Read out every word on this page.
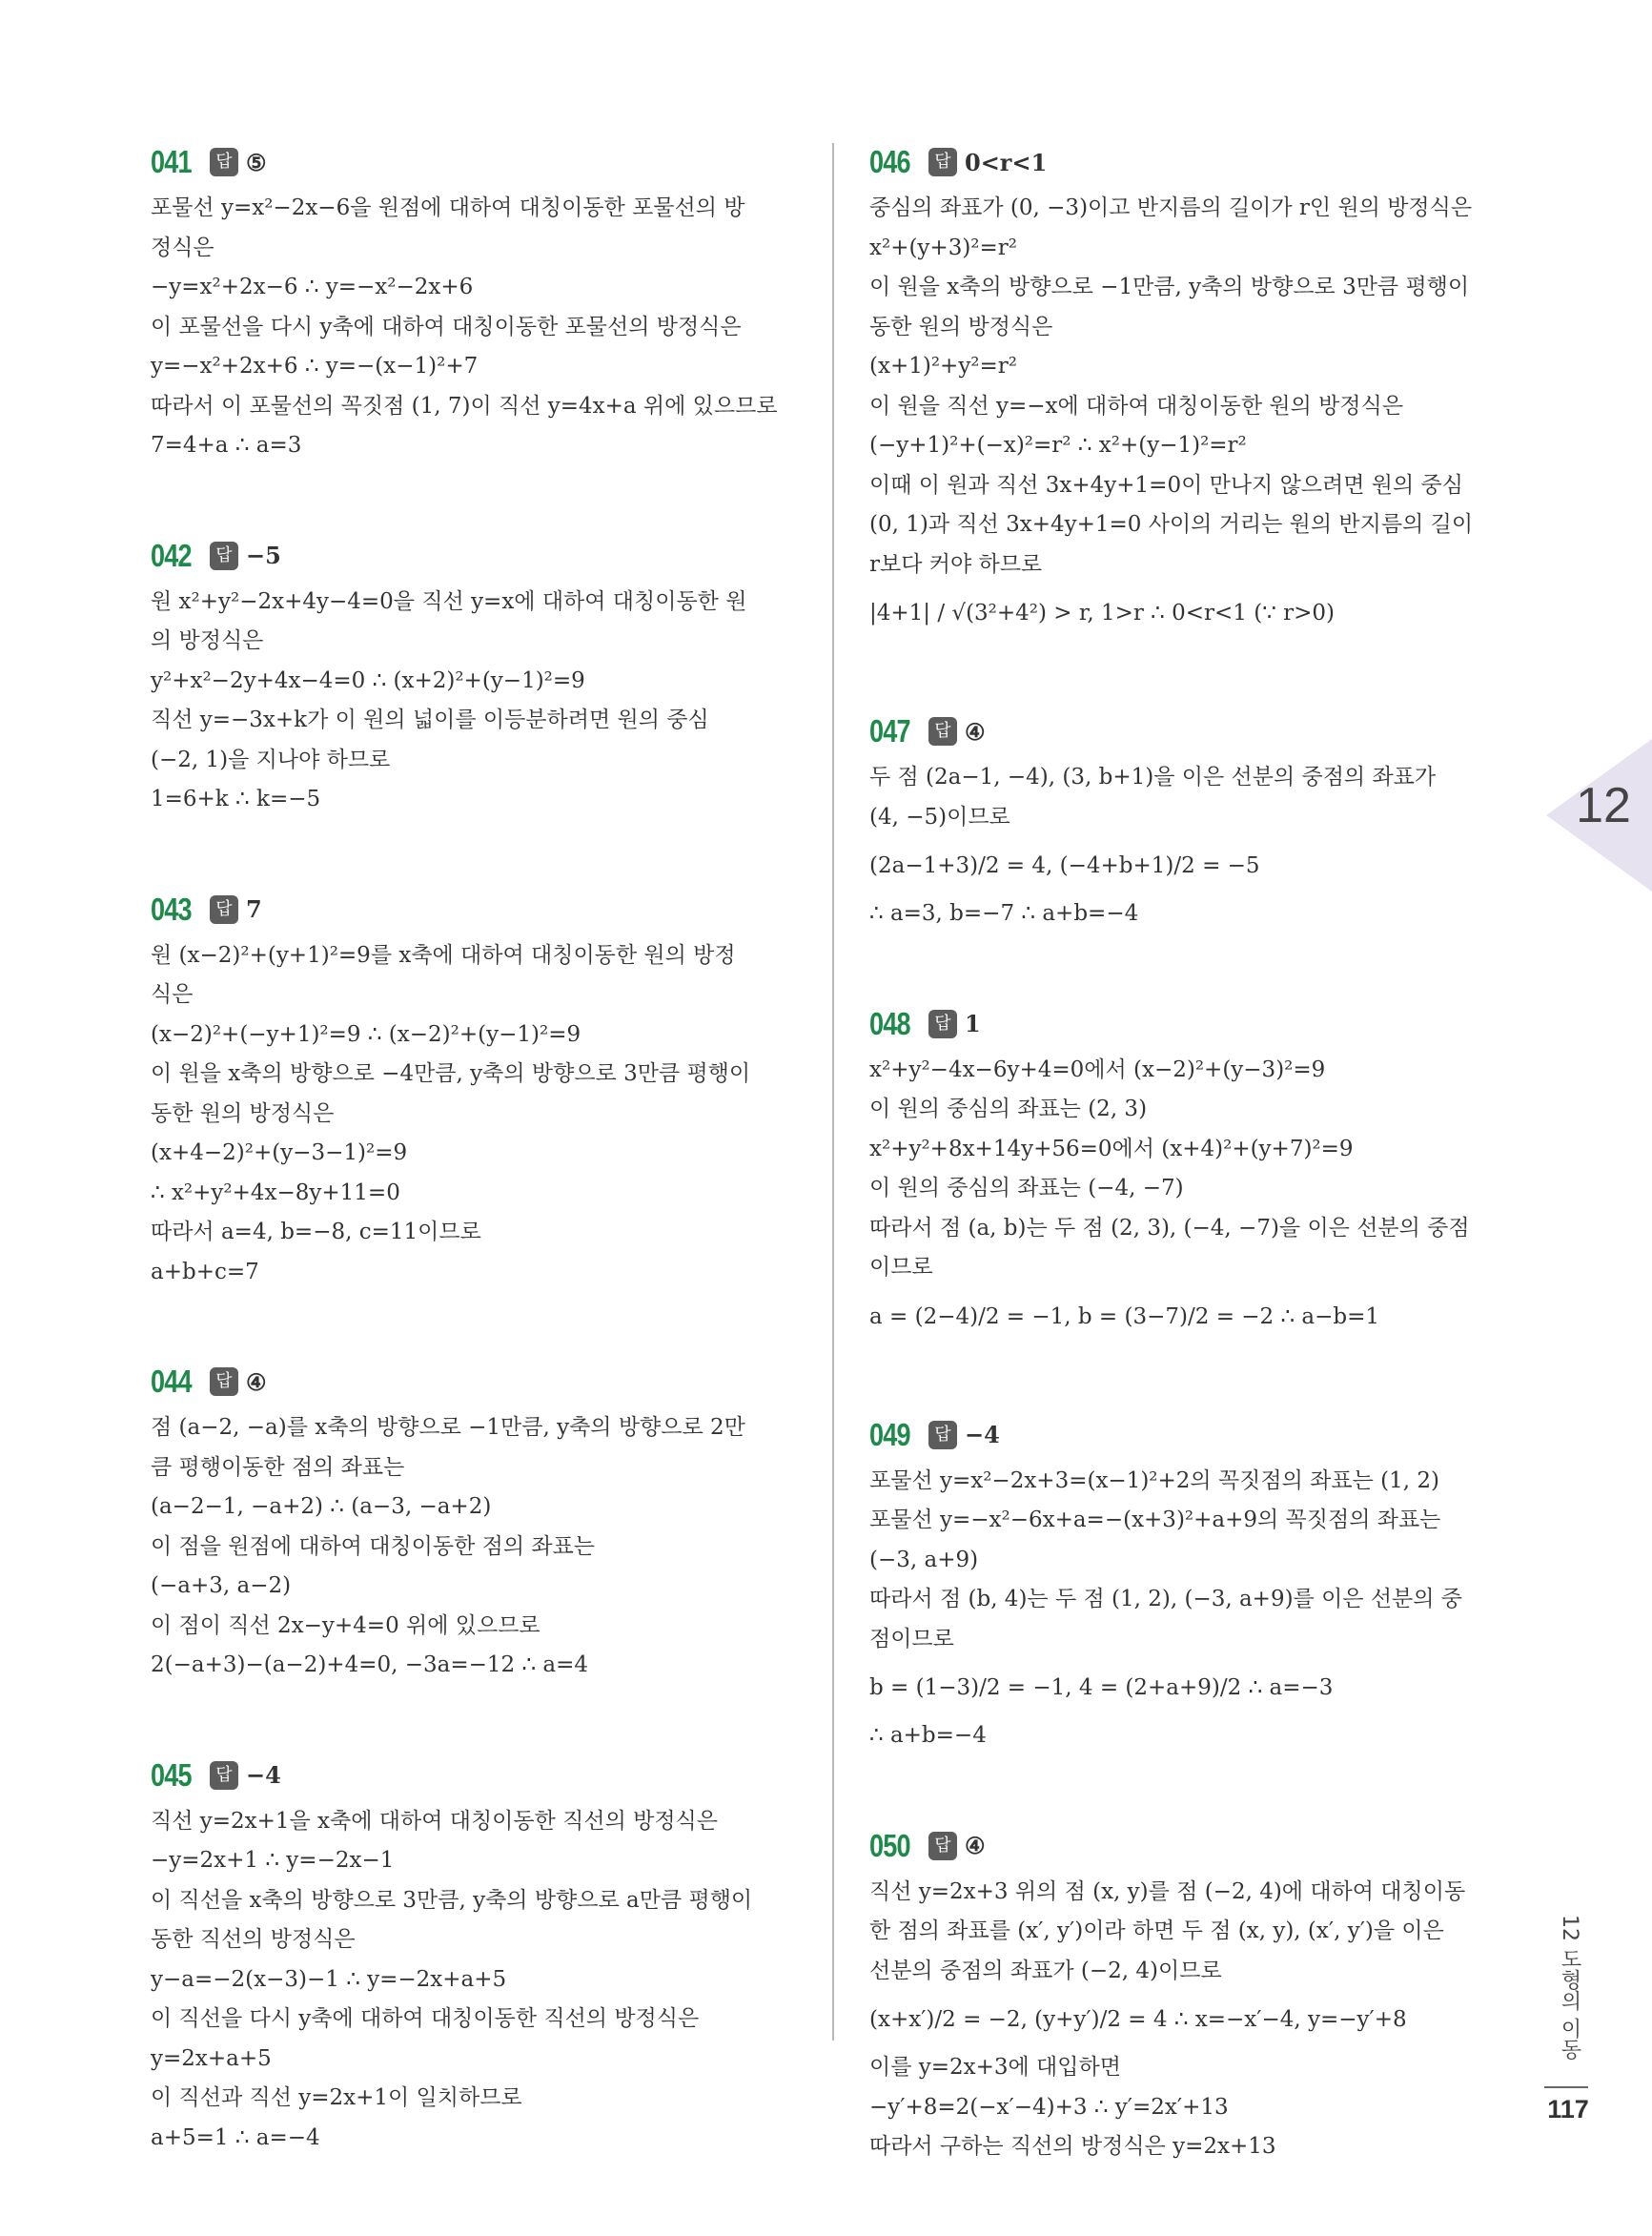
041	답 ⑤
포물선 y=x²−2x−6을 원점에 대하여 대칭이동한 포물선의 방
정식은
−y=x²+2x−6 ∴ y=−x²−2x+6
이 포물선을 다시 y축에 대하여 대칭이동한 포물선의 방정식은
y=−x²+2x+6 ∴ y=−(x−1)²+7
따라서 이 포물선의 꼭짓점 (1, 7)이 직선 y=4x+a 위에 있으므로
7=4+a ∴ a=3
042	답 −5
원 x²+y²−2x+4y−4=0을 직선 y=x에 대하여 대칭이동한 원
의 방정식은
y²+x²−2y+4x−4=0 ∴ (x+2)²+(y−1)²=9
직선 y=−3x+k가 이 원의 넓이를 이등분하려면 원의 중심
(−2, 1)을 지나야 하므로
1=6+k ∴ k=−5
043	답 7
원 (x−2)²+(y+1)²=9를 x축에 대하여 대칭이동한 원의 방정
식은
(x−2)²+(−y+1)²=9 ∴ (x−2)²+(y−1)²=9
이 원을 x축의 방향으로 −4만큼, y축의 방향으로 3만큼 평행이
동한 원의 방정식은
(x+4−2)²+(y−3−1)²=9
∴ x²+y²+4x−8y+11=0
따라서 a=4, b=−8, c=11이므로
a+b+c=7
044	답 ④
점 (a−2, −a)를 x축의 방향으로 −1만큼, y축의 방향으로 2만
큼 평행이동한 점의 좌표는
(a−2−1, −a+2) ∴ (a−3, −a+2)
이 점을 원점에 대하여 대칭이동한 점의 좌표는
(−a+3, a−2)
이 점이 직선 2x−y+4=0 위에 있으므로
2(−a+3)−(a−2)+4=0, −3a=−12 ∴ a=4
045	답 −4
직선 y=2x+1을 x축에 대하여 대칭이동한 직선의 방정식은
−y=2x+1 ∴ y=−2x−1
이 직선을 x축의 방향으로 3만큼, y축의 방향으로 a만큼 평행이
동한 직선의 방정식은
y−a=−2(x−3)−1 ∴ y=−2x+a+5
이 직선을 다시 y축에 대하여 대칭이동한 직선의 방정식은
y=2x+a+5
이 직선과 직선 y=2x+1이 일치하므로
a+5=1 ∴ a=−4
046	답 0<r<1
중심의 좌표가 (0, −3)이고 반지름의 길이가 r인 원의 방정식은
x²+(y+3)²=r²
이 원을 x축의 방향으로 −1만큼, y축의 방향으로 3만큼 평행이
동한 원의 방정식은
(x+1)²+y²=r²
이 원을 직선 y=−x에 대하여 대칭이동한 원의 방정식은
(−y+1)²+(−x)²=r² ∴ x²+(y−1)²=r²
이때 이 원과 직선 3x+4y+1=0이 만나지 않으려면 원의 중심
(0, 1)과 직선 3x+4y+1=0 사이의 거리는 원의 반지름의 길이
r보다 커야 하므로
|4+1| / √(3²+4²) > r, 1>r ∴ 0<r<1 (∵ r>0)
047	답 ④
두 점 (2a−1, −4), (3, b+1)을 이은 선분의 중점의 좌표가
(4, −5)이므로
(2a−1+3)/2 = 4, (−4+b+1)/2 = −5
∴ a=3, b=−7 ∴ a+b=−4
048	답 1
x²+y²−4x−6y+4=0에서 (x−2)²+(y−3)²=9
이 원의 중심의 좌표는 (2, 3)
x²+y²+8x+14y+56=0에서 (x+4)²+(y+7)²=9
이 원의 중심의 좌표는 (−4, −7)
따라서 점 (a, b)는 두 점 (2, 3), (−4, −7)을 이은 선분의 중점
이므로
a = (2−4)/2 = −1, b = (3−7)/2 = −2 ∴ a−b=1
049	답 −4
포물선 y=x²−2x+3=(x−1)²+2의 꼭짓점의 좌표는 (1, 2)
포물선 y=−x²−6x+a=−(x+3)²+a+9의 꼭짓점의 좌표는
(−3, a+9)
따라서 점 (b, 4)는 두 점 (1, 2), (−3, a+9)를 이은 선분의 중
점이므로
b = (1−3)/2 = −1, 4 = (2+a+9)/2 ∴ a=−3
∴ a+b=−4
050	답 ④
직선 y=2x+3 위의 점 (x, y)를 점 (−2, 4)에 대하여 대칭이동
한 점의 좌표를 (x′, y′)이라 하면 두 점 (x, y), (x′, y′)을 이은
선분의 중점의 좌표가 (−2, 4)이므로
(x+x′)/2 = −2, (y+y′)/2 = 4 ∴ x=−x′−4, y=−y′+8
이를 y=2x+3에 대입하면
−y′+8=2(−x′−4)+3 ∴ y′=2x′+13
따라서 구하는 직선의 방정식은 y=2x+13
12
12 도형의 이동
117
